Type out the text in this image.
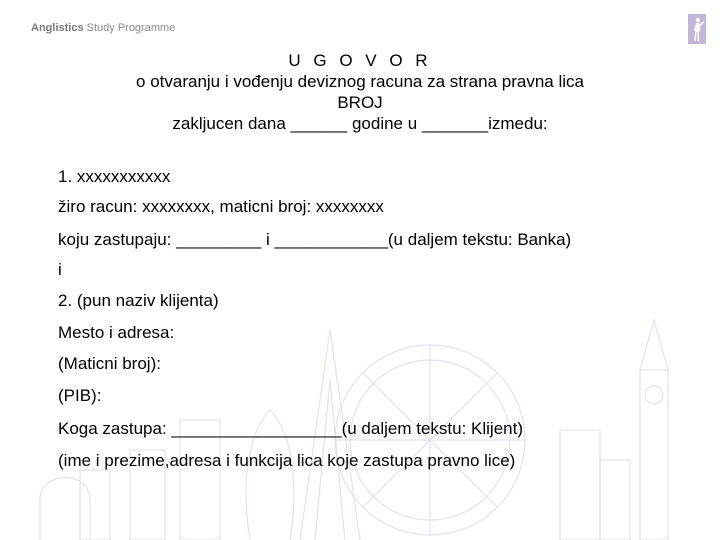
Anglistics Study Programme
U G O V O R
o otvaranju i vođenju deviznog racuna za strana pravna lica
BROJ
zakljucen dana ______ godine u _______izmedu:
1. xxxxxxxxxxx
žiro racun: xxxxxxxx, maticni broj: xxxxxxxx
koju zastupaju: _________ i ____________(u daljem tekstu: Banka)
i
2. (pun naziv klijenta)
Mesto i adresa:
(Maticni broj):
(PIB):
Koga zastupa: __________________(u daljem tekstu: Klijent)
(ime i prezime,adresa i funkcija lica koje zastupa pravno lice)
